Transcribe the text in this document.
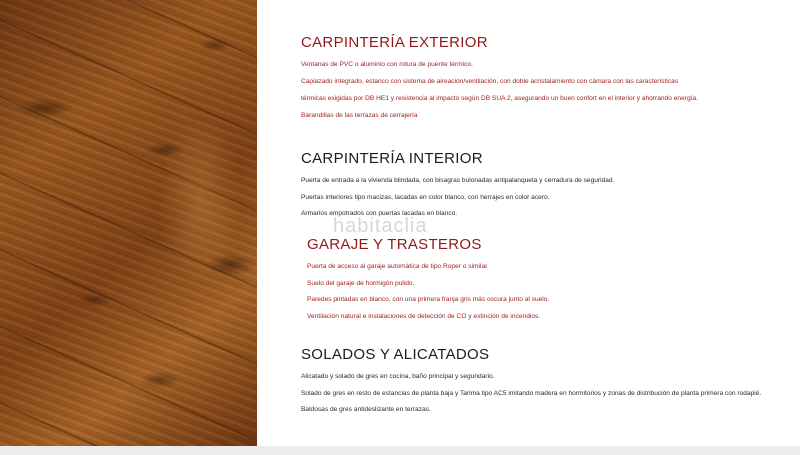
habitaclia
CARPINTERÍA EXTERIOR
Ventanas de PVC o aluminio con rotura de puente térmico.
Capiazado integrado, estanco con sistema de aireación/ventilación, con doble acristalamiento con cámara con las características
térmicas exigidas por DB HE1 y resistencia al impacto según DB SUA 2, asegurando un buen confort en el interior y ahorrando energía.
Barandillas de las terrazas de cerrajería
CARPINTERÍA INTERIOR
Puerta de entrada a la vivienda blindada, con bisagras bulonadas antipalanqueta y cerradura de seguridad.
Puertas interiores tipo macizas, lacadas en color blanco, con herrajes en color acero.
Armarios empotrados con puertas lacadas en blanco.
GARAJE Y TRASTEROS
Puerta de acceso al garaje automática de tipo Roper o similar.
Suelo del garaje de hormigón pulido.
Paredes pintadas en blanco, con una primera franja gris más oscura junto al suelo.
Ventilación natural e instalaciones de detección de CO y extinción de incendios.
SOLADOS Y ALICATADOS
Alicatado y solado de gres en cocina, baño principal y segundario.
Solado de gres en resto de estancias de planta baja y Tarima tipo AC5 imitando madera en hormitorios y zonas de distribución de planta primera con rodapié.
Baldosas de gres antideslizante en terrazas.
